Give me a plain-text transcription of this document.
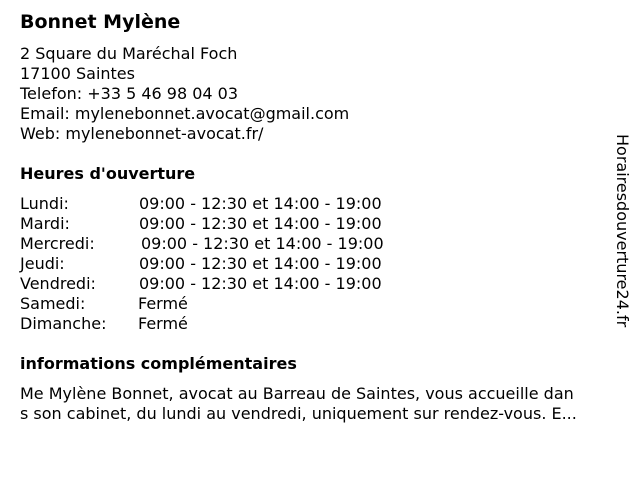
Bonnet Mylène
2 Square du Maréchal Foch
17100 Saintes
Telefon: +33 5 46 98 04 03
Email: mylenebonnet.avocat@gmail.com
Web: mylenebonnet-avocat.fr/
Heures d'ouverture
Lundi:	09:00 - 12:30 et 14:00 - 19:00
Mardi:	09:00 - 12:30 et 14:00 - 19:00
Mercredi:	09:00 - 12:30 et 14:00 - 19:00
Jeudi:	09:00 - 12:30 et 14:00 - 19:00
Vendredi:	09:00 - 12:30 et 14:00 - 19:00
Samedi:	Fermé
Dimanche: Fermé
informations complémentaires
Me Mylène Bonnet, avocat au Barreau de Saintes, vous accueille dan
s son cabinet, du lundi au vendredi, uniquement sur rendez-vous. E...
Horairesdouverture24.fr
